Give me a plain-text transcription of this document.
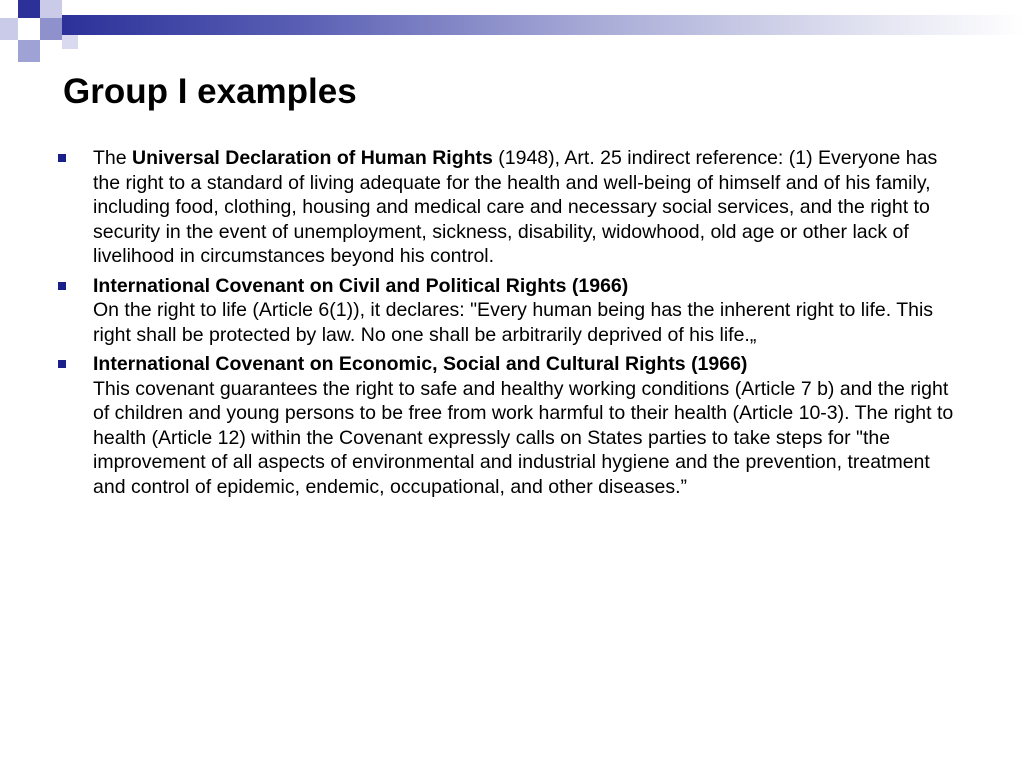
Group I examples
The Universal Declaration of Human Rights (1948), Art. 25 indirect reference: (1) Everyone has the right to a standard of living adequate for the health and well-being of himself and of his family, including food, clothing, housing and medical care and necessary social services, and the right to security in the event of unemployment, sickness, disability, widowhood, old age or other lack of livelihood in circumstances beyond his control.
International Covenant on Civil and Political Rights (1966)
On the right to life (Article 6(1)), it declares: "Every human being has the inherent right to life. This right shall be protected by law. No one shall be arbitrarily deprived of his life.„
International Covenant on Economic, Social and Cultural Rights (1966)
This covenant guarantees the right to safe and healthy working conditions (Article 7 b) and the right of children and young persons to be free from work harmful to their health (Article 10-3). The right to health (Article 12) within the Covenant expressly calls on States parties to take steps for "the improvement of all aspects of environmental and industrial hygiene and the prevention, treatment and control of epidemic, endemic, occupational, and other diseases.”
